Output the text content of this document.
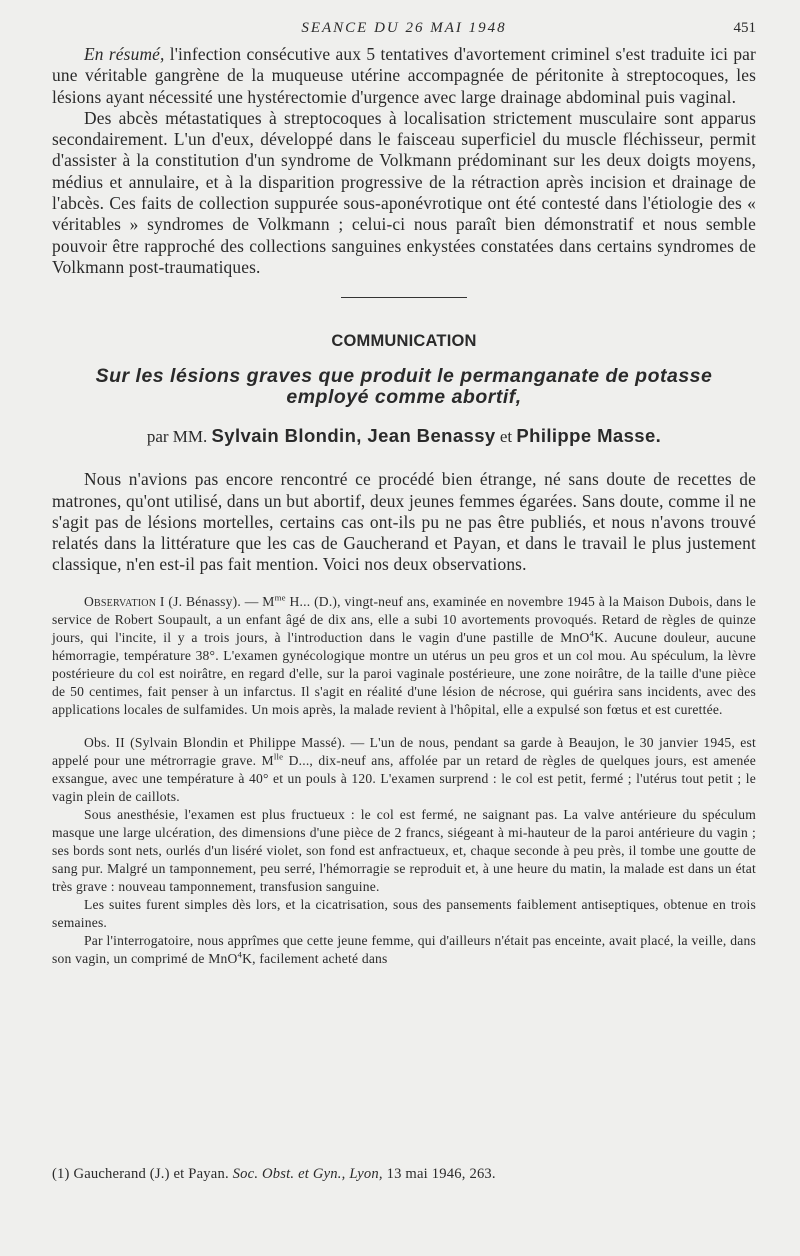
SEANCE DU 26 MAI 1948	451

En résumé, l'infection consécutive aux 5 tentatives d'avortement criminel s'est traduite ici par une véritable gangrène de la muqueuse utérine accompagnée de péritonite à streptocoques, les lésions ayant nécessité une hystérectomie d'urgence avec large drainage abdominal puis vaginal.

Des abcès métastatiques à streptocoques à localisation strictement musculaire sont apparus secondairement. L'un d'eux, développé dans le faisceau superficiel du muscle fléchisseur, permit d'assister à la constitution d'un syndrome de Volkmann prédominant sur les deux doigts moyens, médius et annulaire, et à la disparition progressive de la rétraction après incision et drainage de l'abcès. Ces faits de collection suppurée sous-aponévrotique ont été contesté dans l'étiologie des « véritables » syndromes de Volkmann ; celui-ci nous paraît bien démonstratif et nous semble pouvoir être rapproché des collections sanguines enkystées constatées dans certains syndromes de Volkmann post-traumatiques.

COMMUNICATION
Sur les lésions graves que produit le permanganate de potasse employé comme abortif,
par MM. Sylvain Blondin, Jean Benassy et Philippe Masse.

Nous n'avions pas encore rencontré ce procédé bien étrange, né sans doute de recettes de matrones, qu'ont utilisé, dans un but abortif, deux jeunes femmes égarées. Sans doute, comme il ne s'agit pas de lésions mortelles, certains cas ont-ils pu ne pas être publiés, et nous n'avons trouvé relatés dans la littérature que les cas de Gaucherand et Payan, et dans le travail le plus justement classique, n'en est-il pas fait mention. Voici nos deux observations.

Observation I (J. Bénassy). — $M^{me}$ H... (D.), vingt-neuf ans, examinée en novembre 1945 à la Maison Dubois, dans le service de Robert Soupault, a un enfant âgé de dix ans, elle a subi 10 avortements provoqués. Retard de règles de quinze jours, qui l'incite, il y a trois jours, à l'introduction dans le vagin d'une pastille de MnO$^4$K. Aucune douleur, aucune hémorragie, température 38°. L'examen gynécologique montre un utérus un peu gros et un col mou. Au spéculum, la lèvre postérieure du col est noirâtre, en regard d'elle, sur la paroi vaginale postérieure, une zone noirâtre, de la taille d'une pièce de 50 centimes, fait penser à un infarctus. Il s'agit en réalité d'une lésion de nécrose, qui guérira sans incidents, avec des applications locales de sulfamides. Un mois après, la malade revient à l'hôpital, elle a expulsé son fœtus et est curettée.

Obs. II (Sylvain Blondin et Philippe Massé). — L'un de nous, pendant sa garde à Beaujon, le 30 janvier 1945, est appelé pour une métrorragie grave. $M^{lle}$ D..., dix-neuf ans, affolée par un retard de règles de quelques jours, est amenée exsangue, avec une température à 40° et un pouls à 120. L'examen surprend : le col est petit, fermé ; l'utérus tout petit ; le vagin plein de caillots.

Sous anesthésie, l'examen est plus fructueux : le col est fermé, ne saignant pas. La valve antérieure du spéculum masque une large ulcération, des dimensions d'une pièce de 2 francs, siégeant à mi-hauteur de la paroi antérieure du vagin ; ses bords sont nets, ourlés d'un liséré violet, son fond est anfractueux, et, chaque seconde à peu près, il tombe une goutte de sang pur. Malgré un tamponnement, peu serré, l'hémorragie se reproduit et, à une heure du matin, la malade est dans un état très grave : nouveau tamponnement, transfusion sanguine.

Les suites furent simples dès lors, et la cicatrisation, sous des pansements faiblement antiseptiques, obtenue en trois semaines.

Par l'interrogatoire, nous apprîmes que cette jeune femme, qui d'ailleurs n'était pas enceinte, avait placé, la veille, dans son vagin, un comprimé de MnO$^4$K, facilement acheté dans

(1) Gaucherand (J.) et Payan. Soc. Obst. et Gyn., Lyon, 13 mai 1946, 263.
